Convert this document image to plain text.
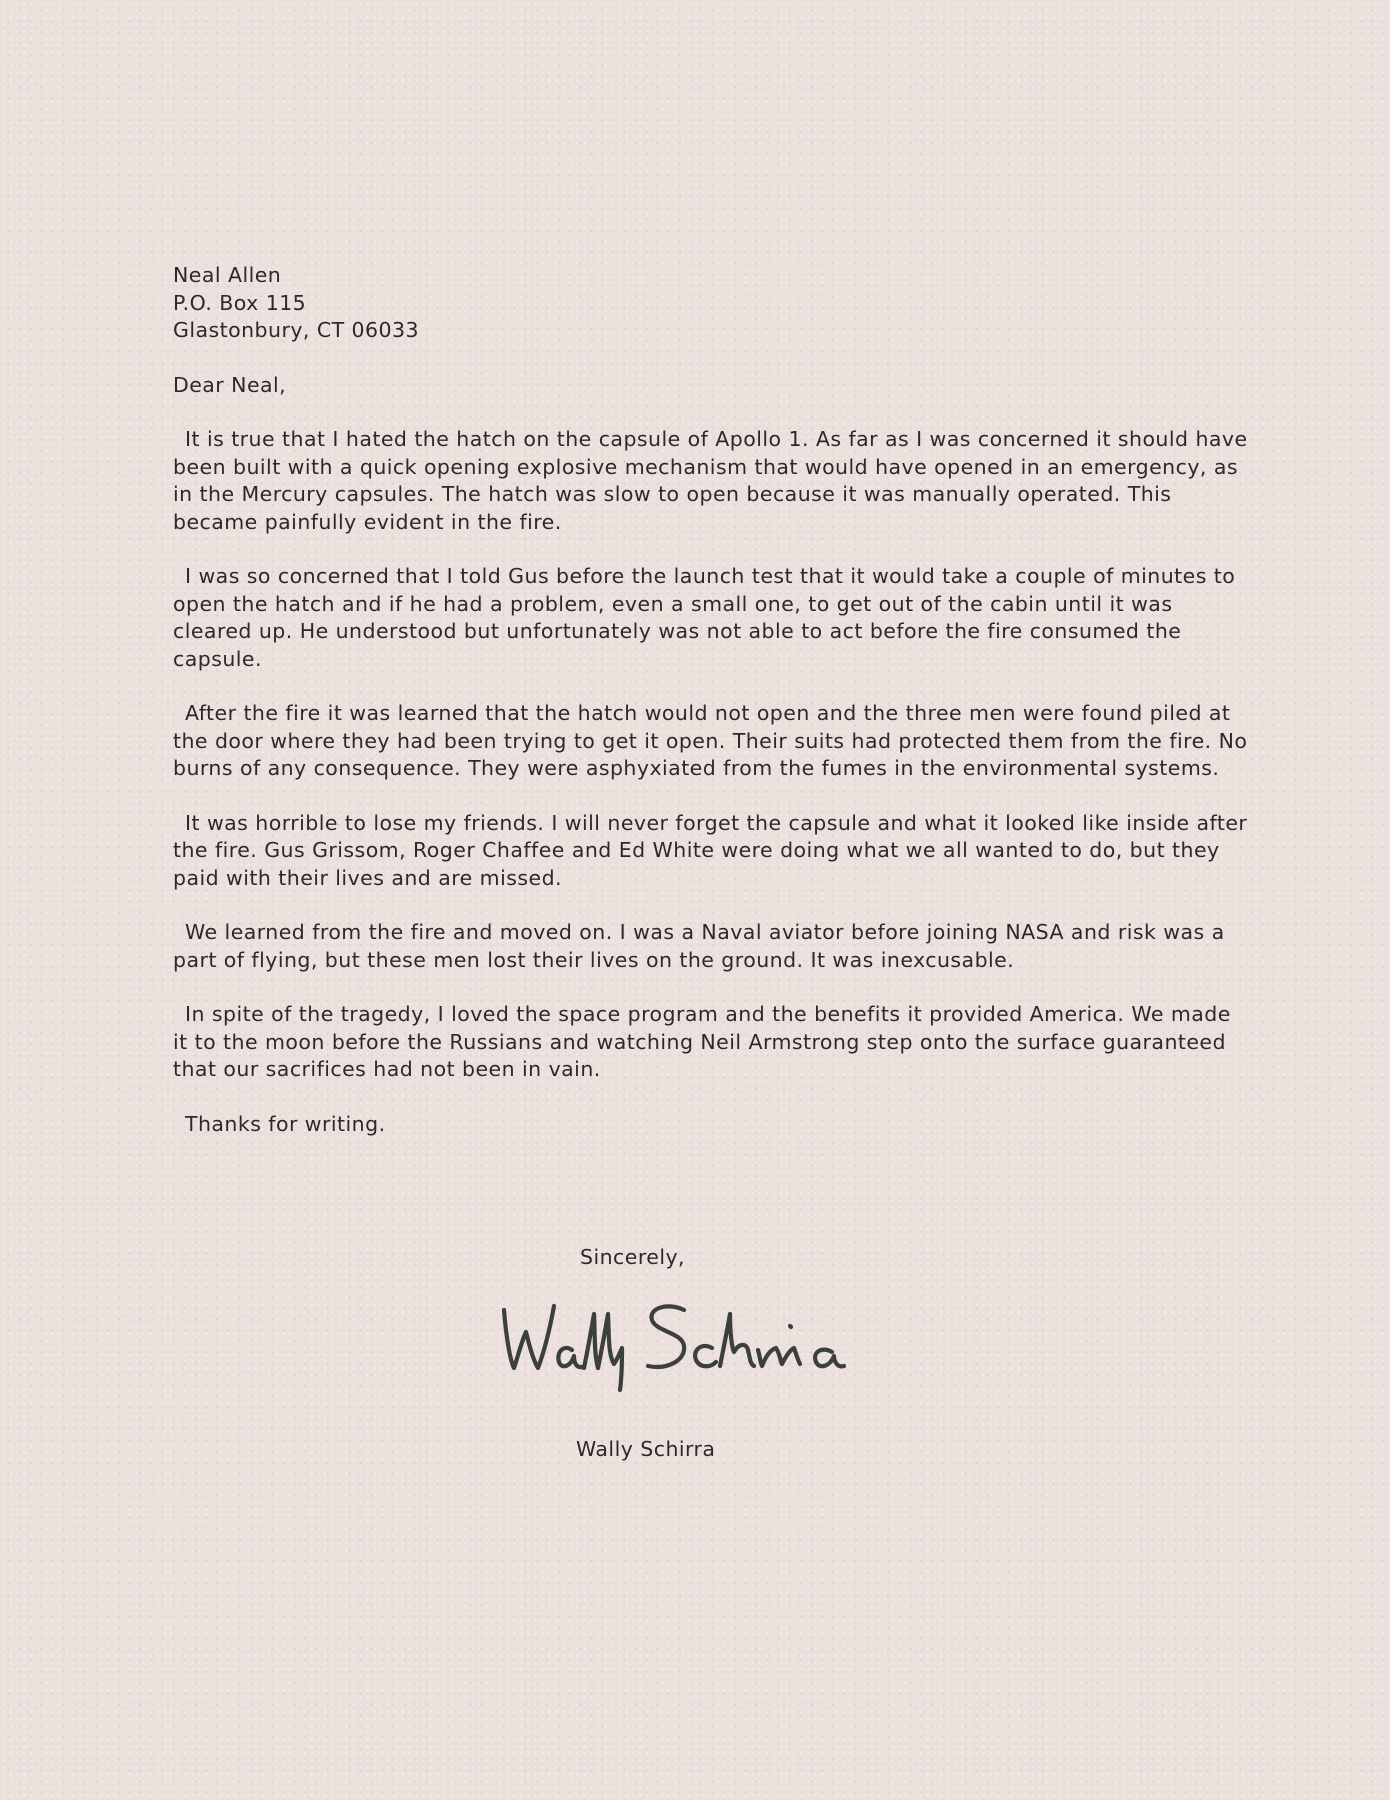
Neal Allen
P.O. Box 115
Glastonbury, CT 06033

Dear Neal,

It is true that I hated the hatch on the capsule of Apollo 1. As far as I was concerned it should have been built with a quick opening explosive mechanism that would have opened in an emergency, as in the Mercury capsules. The hatch was slow to open because it was manually operated. This became painfully evident in the fire.

I was so concerned that I told Gus before the launch test that it would take a couple of minutes to open the hatch and if he had a problem, even a small one, to get out of the cabin until it was cleared up. He understood but unfortunately was not able to act before the fire consumed the capsule.

After the fire it was learned that the hatch would not open and the three men were found piled at the door where they had been trying to get it open. Their suits had protected them from the fire. No burns of any consequence. They were asphyxiated from the fumes in the environmental systems.

It was horrible to lose my friends. I will never forget the capsule and what it looked like inside after the fire. Gus Grissom, Roger Chaffee and Ed White were doing what we all wanted to do, but they paid with their lives and are missed.

We learned from the fire and moved on. I was a Naval aviator before joining NASA and risk was a part of flying, but these men lost their lives on the ground. It was inexcusable.

In spite of the tragedy, I loved the space program and the benefits it provided America. We made it to the moon before the Russians and watching Neil Armstrong step onto the surface guaranteed that our sacrifices had not been in vain.

Thanks for writing.

Sincerely,
Wally Schirra
